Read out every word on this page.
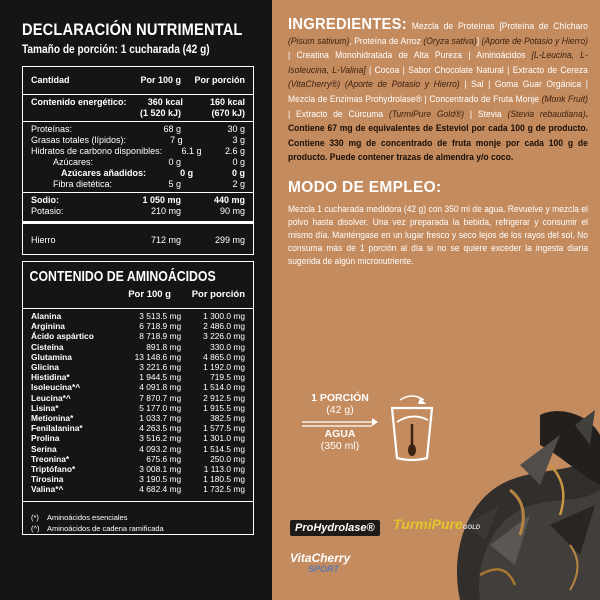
DECLARACIÓN NUTRIMENTAL
Tamaño de porción: 1 cucharada (42 g)
Cantidad	Por 100 g	Por porción
Contenido energético:	360 kcal	160 kcal
(1 520 kJ)	(670 kJ)
Proteínas:	68 g	30 g
Grasas totales (lípidos):	7 g	3 g
Hidratos de carbono disponibles:	6.1 g	2.6 g
Azúcares:	0 g	0 g
Azúcares añadidos:	0 g	0 g
Fibra dietética:	5 g	2 g
Sodio:	1 050 mg	440 mg
Potasio:	210 mg	90 mg
Hierro	712 mg	299 mg
CONTENIDO DE AMINOÁCIDOS
Por 100 g	Por porción
Alanina	3 513.5 mg	1 300.0 mg
Arginina	6 718.9 mg	2 486.0 mg
Ácido aspártico	8 718.9 mg	3 226.0 mg
Cisteína	891.8 mg	330.0 mg
Glutamina	13 148.6 mg	4 865.0 mg
Glicina	3 221.6 mg	1 192.0 mg
Histidina*	1 944.5 mg	719.5 mg
Isoleucina*^	4 091.8 mg	1 514.0 mg
Leucina*^	7 870.7 mg	2 912.5 mg
Lisina*	5 177.0 mg	1 915.5 mg
Metionina*	1 033.7 mg	382.5 mg
Fenilalanina*	4 263.5 mg	1 577.5 mg
Prolina	3 516.2 mg	1 301.0 mg
Serina	4 093.2 mg	1 514.5 mg
Treonina*	675.6 mg	250.0 mg
Triptófano*	3 008.1 mg	1 113.0 mg
Tirosina	3 190.5 mg	1 180.5 mg
Valina*^	4 682.4 mg	1 732.5 mg
(*) Aminoácidos esenciales
(^) Aminoácidos de cadena ramificada
INGREDIENTES: Mezcla de Proteínas [Proteína de Chícharo (Pisum sativum), Proteína de Arroz (Oryza sativa)] (Aporte de Potasio y Hierro) | Creatina Monohidratada de Alta Pureza | Aminoácidos [L-Leucina, L-Isoleucina, L-Valina] | Cocoa | Sabor Chocolate Natural | Extracto de Cereza (VitaCherry®) (Aporte de Potasio y Hierro) | Sal | Goma Guar Orgánica | Mezcla de Enzimas Prohydrolase® | Concentrado de Fruta Monje (Monk Fruit) | Extracto de Cúrcuma (TurmiPure Gold®) | Stevia (Stevia rebaudiana). Contiene 67 mg de equivalentes de Esteviol por cada 100 g de producto. Contiene 330 mg de concentrado de fruta monje por cada 100 g de producto. Puede contener trazas de almendra y/o coco.
MODO DE EMPLEO:
Mezcla 1 cucharada medidora (42 g) con 350 ml de agua. Revuelve y mezcla el polvo hasta disolver. Una vez preparada la bebida, refrigerar y consumir el mismo día. Manténgase en un lugar fresco y seco lejos de los rayos del sol. No consuma más de 1 porción al día si no se quiere exceder la ingesta diaria sugerida de algún micronutriente.
1 PORCIÓN
(42 g)
AGUA
(350 ml)
ProHydrolase®	TurmiPureGOLD
VitaCherry
SPORT
